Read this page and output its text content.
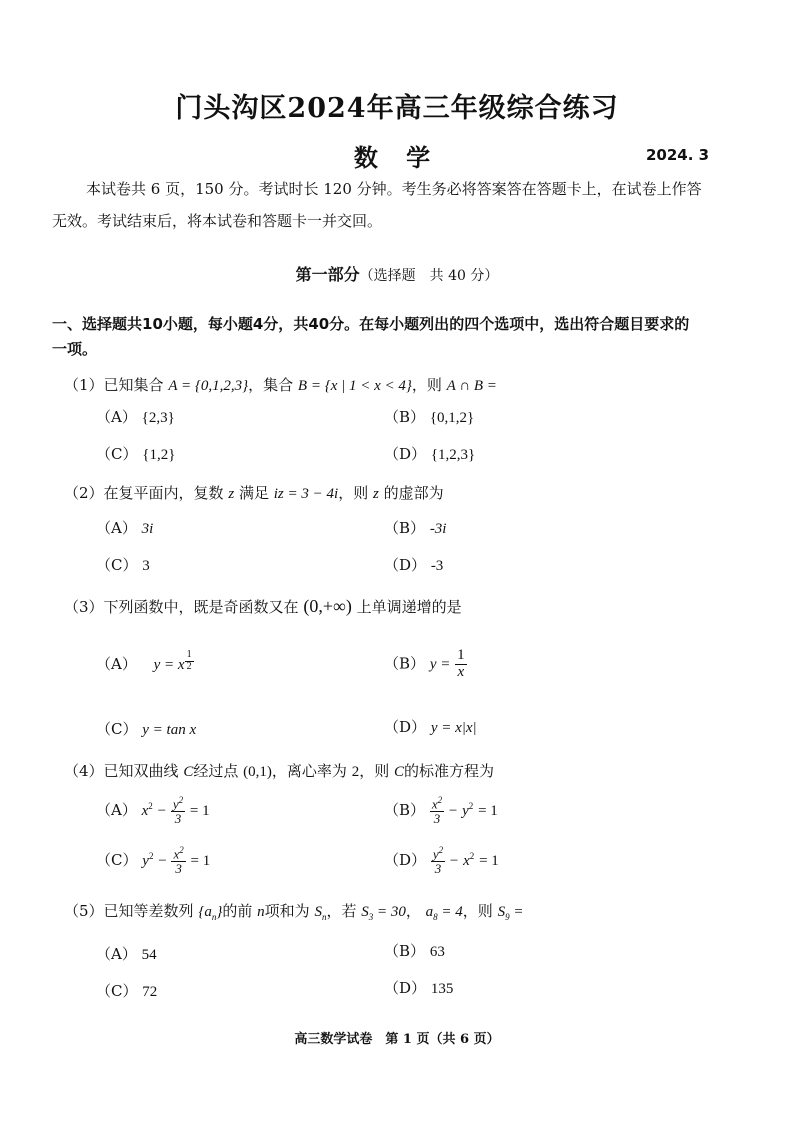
门头沟区2024年高三年级综合练习
数 学	2024. 3
本试卷共 6 页，150 分。考试时长 120 分钟。考生务必将答案答在答题卡上，在试卷上作答
无效。考试结束后，将本试卷和答题卡一并交回。
第一部分（选择题　共 40 分）
一、选择题共10小题，每小题4分，共40分。在每小题列出的四个选项中，选出符合题目要求的
一项。
（1）已知集合 A = {0,1,2,3}，集合 B = {x | 1 < x < 4}，则 A ∩ B =
（A） {2,3}	（B） {0,1,2}
（C） {1,2}	（D） {1,2,3}
（2）在复平面内，复数 z 满足 iz = 3 − 4i，则 z 的虚部为
（A） 3i	（B） -3i
（C） 3	（D） -3
（3）下列函数中，既是奇函数又在 (0,+∞) 上单调递增的是
（A） y = x $\frac{1}{2}$	（B） $y = \frac{1}{x}$
（C） y = tan x	（D） y = x|x|
（4）已知双曲线 C经过点 (0,1)，离心率为 2，则 C的标准方程为
（A） $x^2 - \frac{y^2}{3} = 1$	$(B) \frac{x^2}{3} - y^2 = 1$
（C） $y^2 - \frac{x^2}{3} = 1$	$(D) \frac{y^2}{3} - x^2 = 1$
（5）已知等差数列 $\{a_n\}$的前 n项和为 $S_n$，若 $S_3 = 30$， $a_8 = 4$，则 $S_9$ =
（A） 54	（B） 63
（C） 72	（D） 135
高三数学试卷　第 1 页（共 6 页）
